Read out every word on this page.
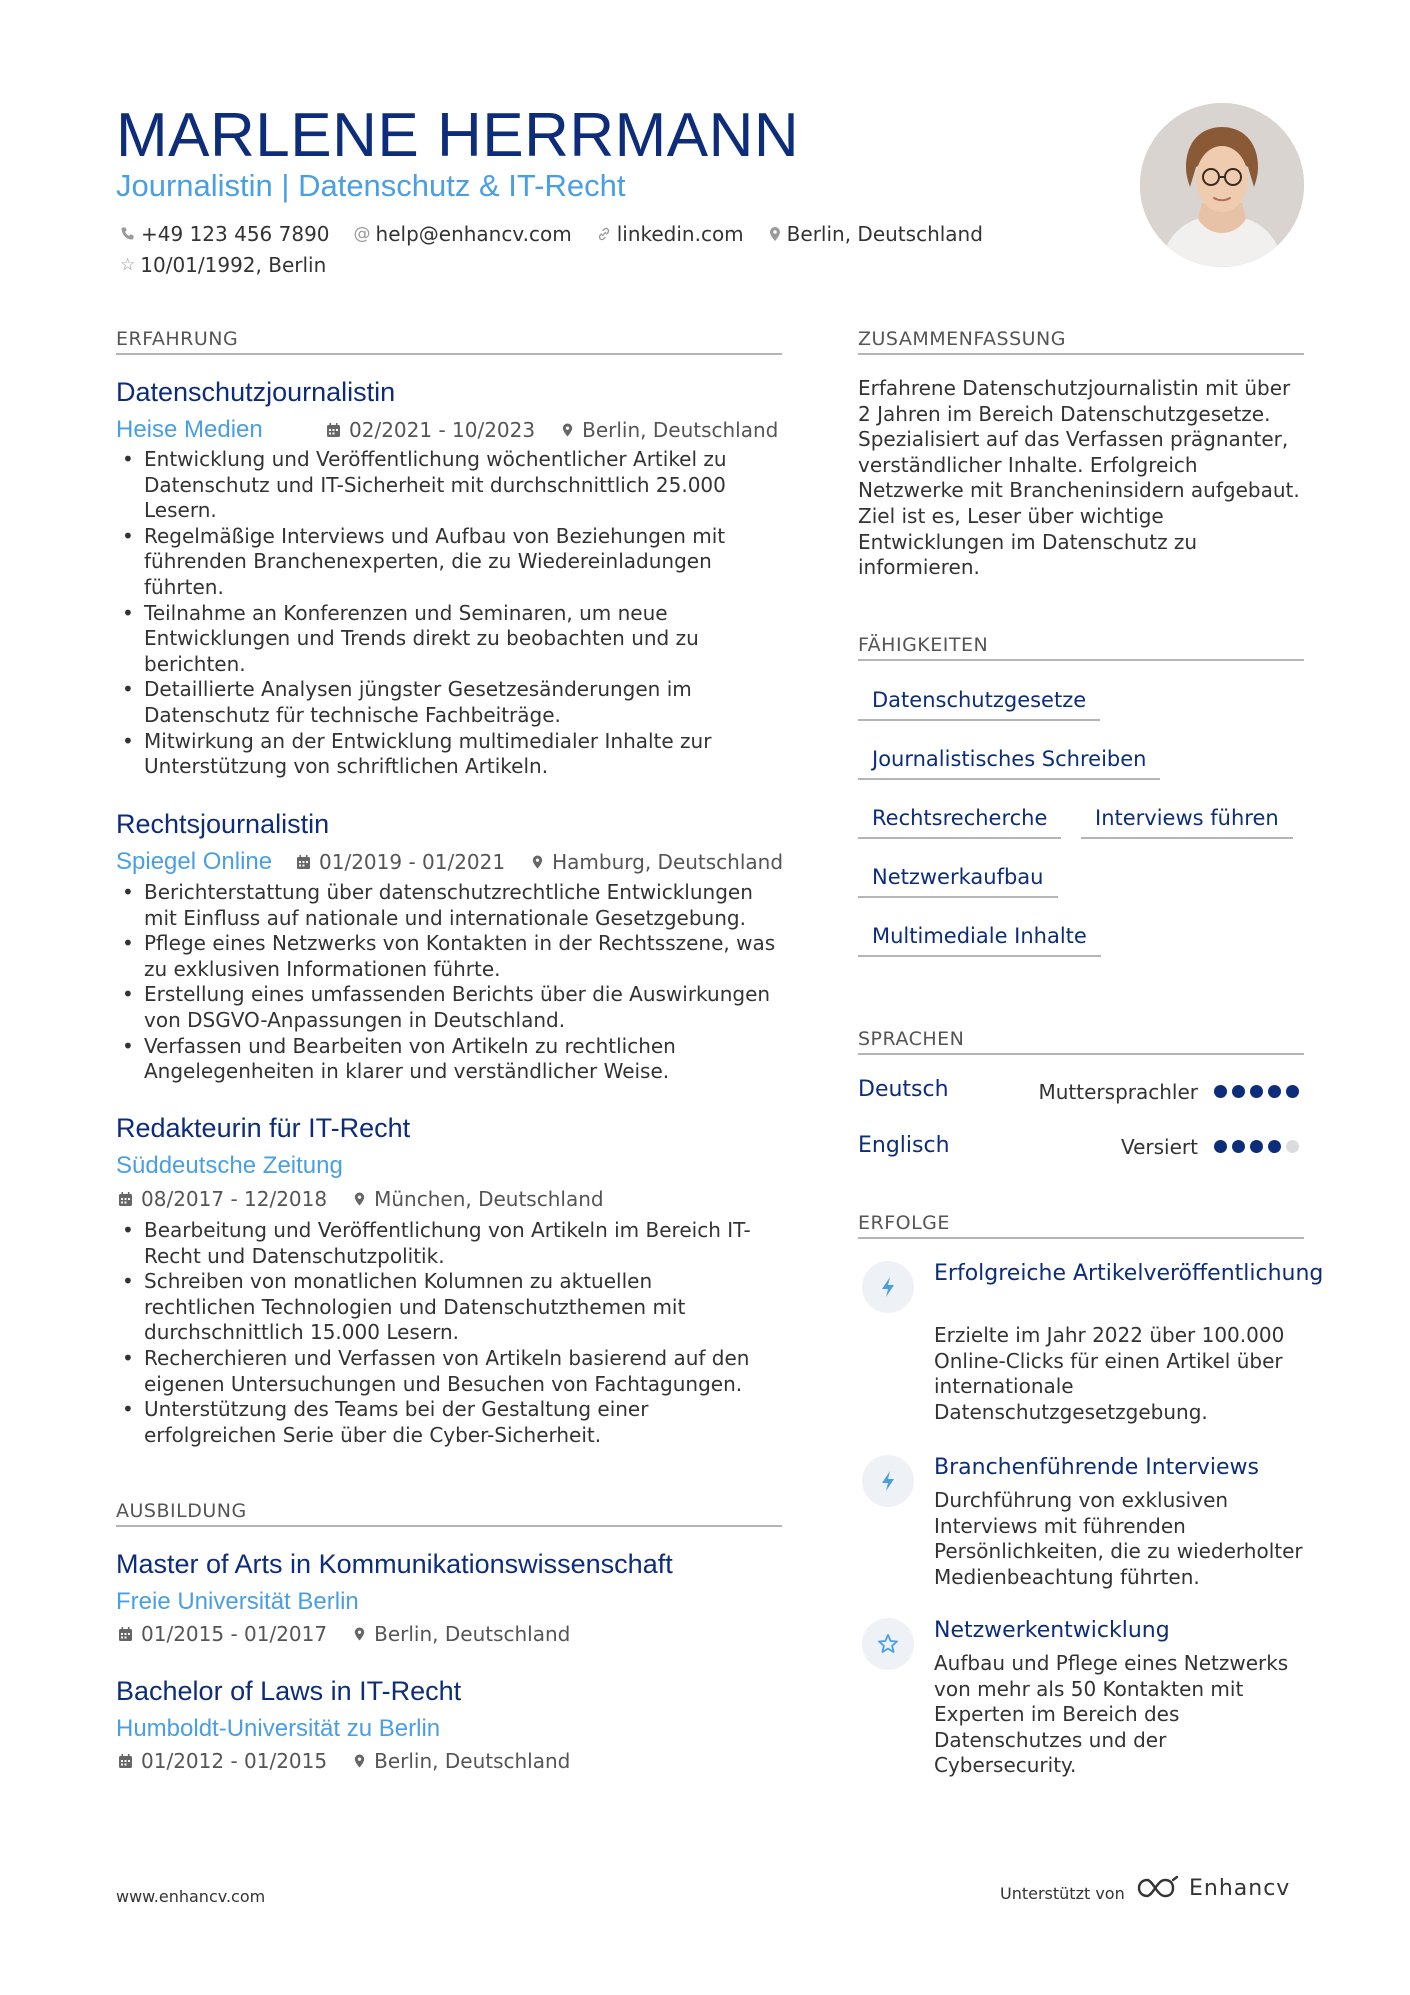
MARLENE HERRMANN
Journalistin | Datenschutz & IT-Recht
+49 123 456 7890 @ help@enhancv.com linkedin.com Berlin, Deutschland
☆ 10/01/1992, Berlin
ERFAHRUNG
Datenschutzjournalistin
Heise Medien	02/2021 - 10/2023 Berlin, Deutschland
• Entwicklung und Veröffentlichung wöchentlicher Artikel zu Datenschutz und IT-Sicherheit mit durchschnittlich 25.000 Lesern.
• Regelmäßige Interviews und Aufbau von Beziehungen mit führenden Branchenexperten, die zu Wiedereinladungen führten.
• Teilnahme an Konferenzen und Seminaren, um neue Entwicklungen und Trends direkt zu beobachten und zu berichten.
• Detaillierte Analysen jüngster Gesetzesänderungen im Datenschutz für technische Fachbeiträge.
• Mitwirkung an der Entwicklung multimedialer Inhalte zur Unterstützung von schriftlichen Artikeln.
Rechtsjournalistin
Spiegel Online 01/2019 - 01/2021 Hamburg, Deutschland
• Berichterstattung über datenschutzrechtliche Entwicklungen mit Einfluss auf nationale und internationale Gesetzgebung.
• Pflege eines Netzwerks von Kontakten in der Rechtsszene, was zu exklusiven Informationen führte.
• Erstellung eines umfassenden Berichts über die Auswirkungen von DSGVO-Anpassungen in Deutschland.
• Verfassen und Bearbeiten von Artikeln zu rechtlichen Angelegenheiten in klarer und verständlicher Weise.
Redakteurin für IT-Recht
Süddeutsche Zeitung
08/2017 - 12/2018 München, Deutschland
• Bearbeitung und Veröffentlichung von Artikeln im Bereich IT-Recht und Datenschutzpolitik.
• Schreiben von monatlichen Kolumnen zu aktuellen rechtlichen Technologien und Datenschutzthemen mit durchschnittlich 15.000 Lesern.
• Recherchieren und Verfassen von Artikeln basierend auf den eigenen Untersuchungen und Besuchen von Fachtagungen.
• Unterstützung des Teams bei der Gestaltung einer erfolgreichen Serie über die Cyber-Sicherheit.
AUSBILDUNG
Master of Arts in Kommunikationswissenschaft
Freie Universität Berlin
01/2015 - 01/2017 Berlin, Deutschland
Bachelor of Laws in IT-Recht
Humboldt-Universität zu Berlin
01/2012 - 01/2015 Berlin, Deutschland
ZUSAMMENFASSUNG
Erfahrene Datenschutzjournalistin mit über 2 Jahren im Bereich Datenschutzgesetze. Spezialisiert auf das Verfassen prägnanter, verständlicher Inhalte. Erfolgreich Netzwerke mit Brancheninsidern aufgebaut. Ziel ist es, Leser über wichtige Entwicklungen im Datenschutz zu informieren.
FÄHIGKEITEN
Datenschutzgesetze
Journalistisches Schreiben
Rechtsrecherche	Interviews führen
Netzwerkaufbau
Multimediale Inhalte
SPRACHEN
Deutsch	Muttersprachler
Englisch	Versiert
ERFOLGE
Erfolgreiche Artikelveröffentlichung
Erzielte im Jahr 2022 über 100.000 Online-Clicks für einen Artikel über internationale Datenschutzgesetzgebung.
Branchenführende Interviews
Durchführung von exklusiven Interviews mit führenden Persönlichkeiten, die zu wiederholter Medienbeachtung führten.
Netzwerkentwicklung
Aufbau und Pflege eines Netzwerks von mehr als 50 Kontakten mit Experten im Bereich des Datenschutzes und der Cybersecurity.
www.enhancv.com	Unterstützt von	Enhancv
